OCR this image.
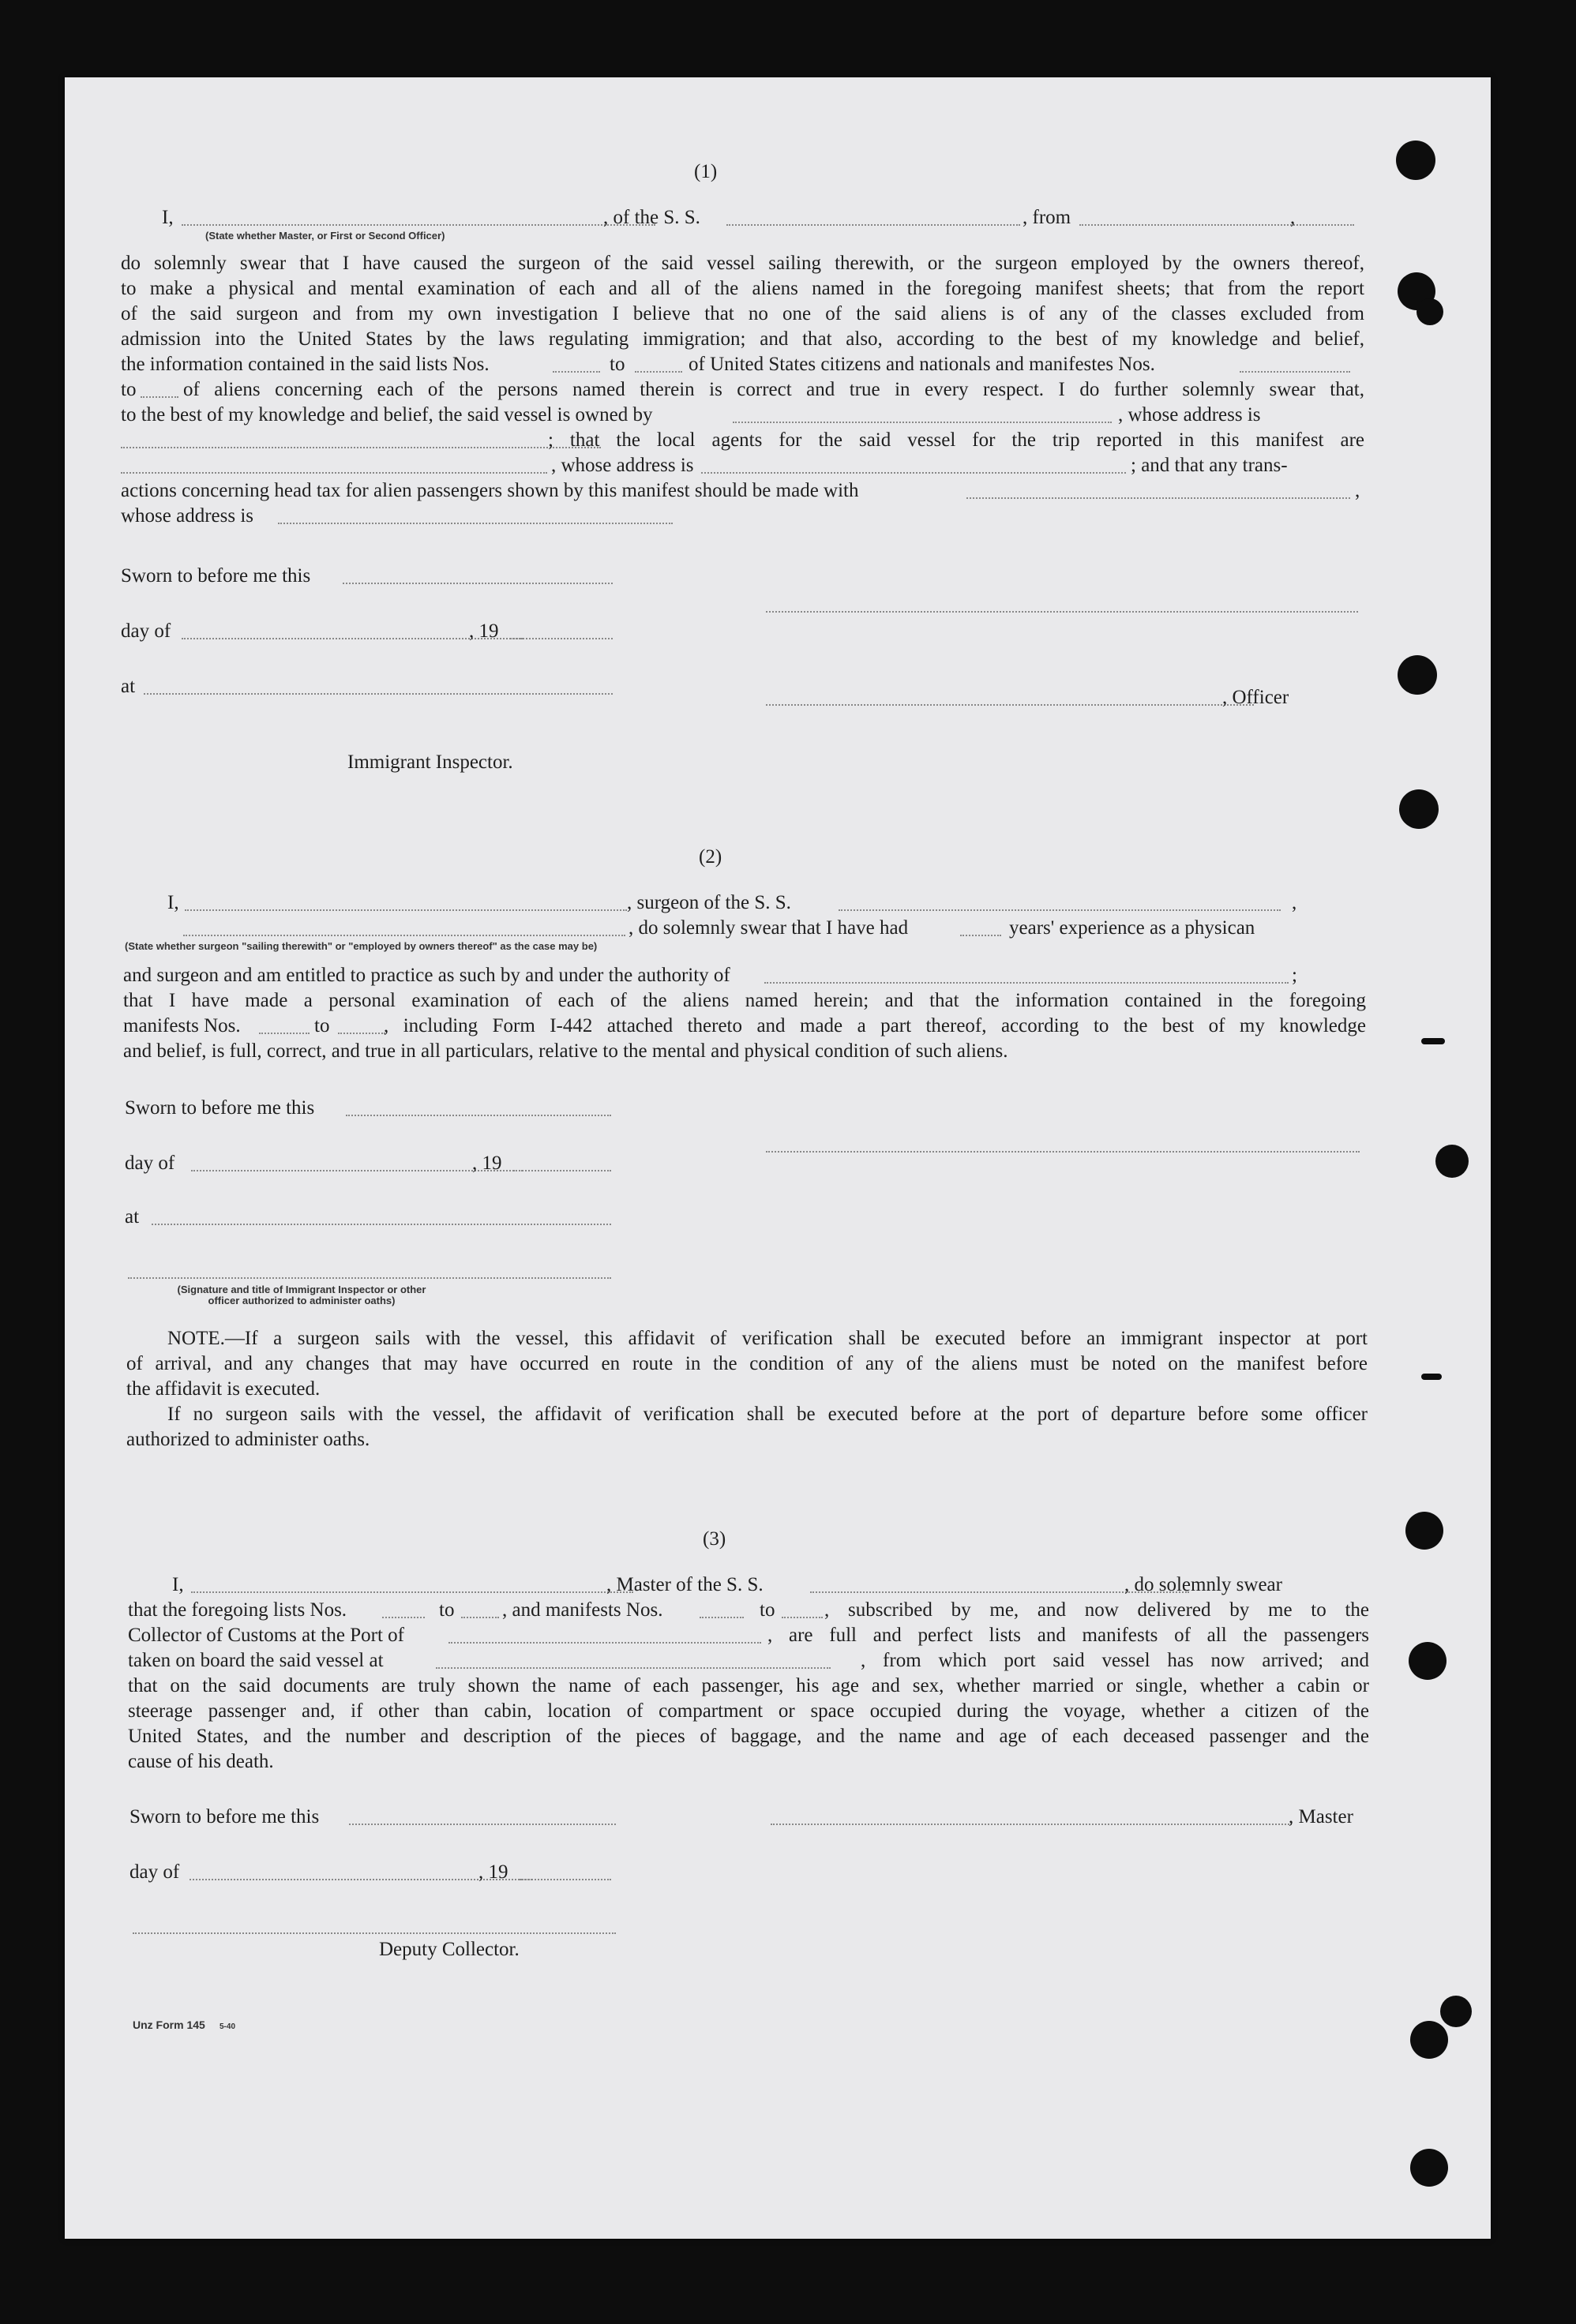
(1)
I,	, of the S. S.	, from	,
(State whether Master, or First or Second Officer)
do solemnly swear that I have caused the surgeon of the said vessel sailing therewith, or the surgeon employed by the owners thereof,
to make a physical and mental examination of each and all of the aliens named in the foregoing manifest sheets; that from the report
of the said surgeon and from my own investigation I believe that no one of the said aliens is of any of the classes excluded from
admission into the United States by the laws regulating immigration; and that also, according to the best of my knowledge and belief,
the information contained in the said lists Nos.	to	of United States citizens and nationals and manifestes Nos.
to of aliens concerning each of the persons named therein is correct and true in every respect. I do further solemnly swear that,
to the best of my knowledge and belief, the said vessel is owned by	, whose address is
; that the local agents for the said vessel for the trip reported in this manifest are
, whose address is	; and that any trans-
actions concerning head tax for alien passengers shown by this manifest should be made with	,
whose address is
Sworn to before me this
day of	, 19
at
, Officer
Immigrant Inspector.
(2)
I,	, surgeon of the S. S.	,
, do solemnly swear that I have had	years' experience as a physican
(State whether surgeon "sailing therewith" or "employed by owners thereof" as the case may be)
and surgeon and am entitled to practice as such by and under the authority of	;
that I have made a personal examination of each of the aliens named herein; and that the information contained in the foregoing
manifests Nos.	to	, including Form I-442 attached thereto and made a part thereof, according to the best of my knowledge
and belief, is full, correct, and true in all particulars, relative to the mental and physical condition of such aliens.
Sworn to before me this
day of	, 19
at
(Signature and title of Immigrant Inspector or other
officer authorized to administer oaths)
NOTE.—If a surgeon sails with the vessel, this affidavit of verification shall be executed before an immigrant inspector at port
of arrival, and any changes that may have occurred en route in the condition of any of the aliens must be noted on the manifest before
the affidavit is executed.
If no surgeon sails with the vessel, the affidavit of verification shall be executed before at the port of departure before some officer
authorized to administer oaths.
(3)
I,	, Master of the S. S.	, do solemnly swear
that the foregoing lists Nos.	to , and manifests Nos.	to	, subscribed by me, and now delivered by me to the
Collector of Customs at the Port of	, are full and perfect lists and manifests of all the passengers
taken on board the said vessel at	, from which port said vessel has now arrived; and
that on the said documents are truly shown the name of each passenger, his age and sex, whether married or single, whether a cabin or
steerage passenger and, if other than cabin, location of compartment or space occupied during the voyage, whether a citizen of the
United States, and the number and description of the pieces of baggage, and the name and age of each deceased passenger and the
cause of his death.
Sworn to before me this	, Master
day of	, 19
Deputy Collector.
Unz Form 145 5-40
